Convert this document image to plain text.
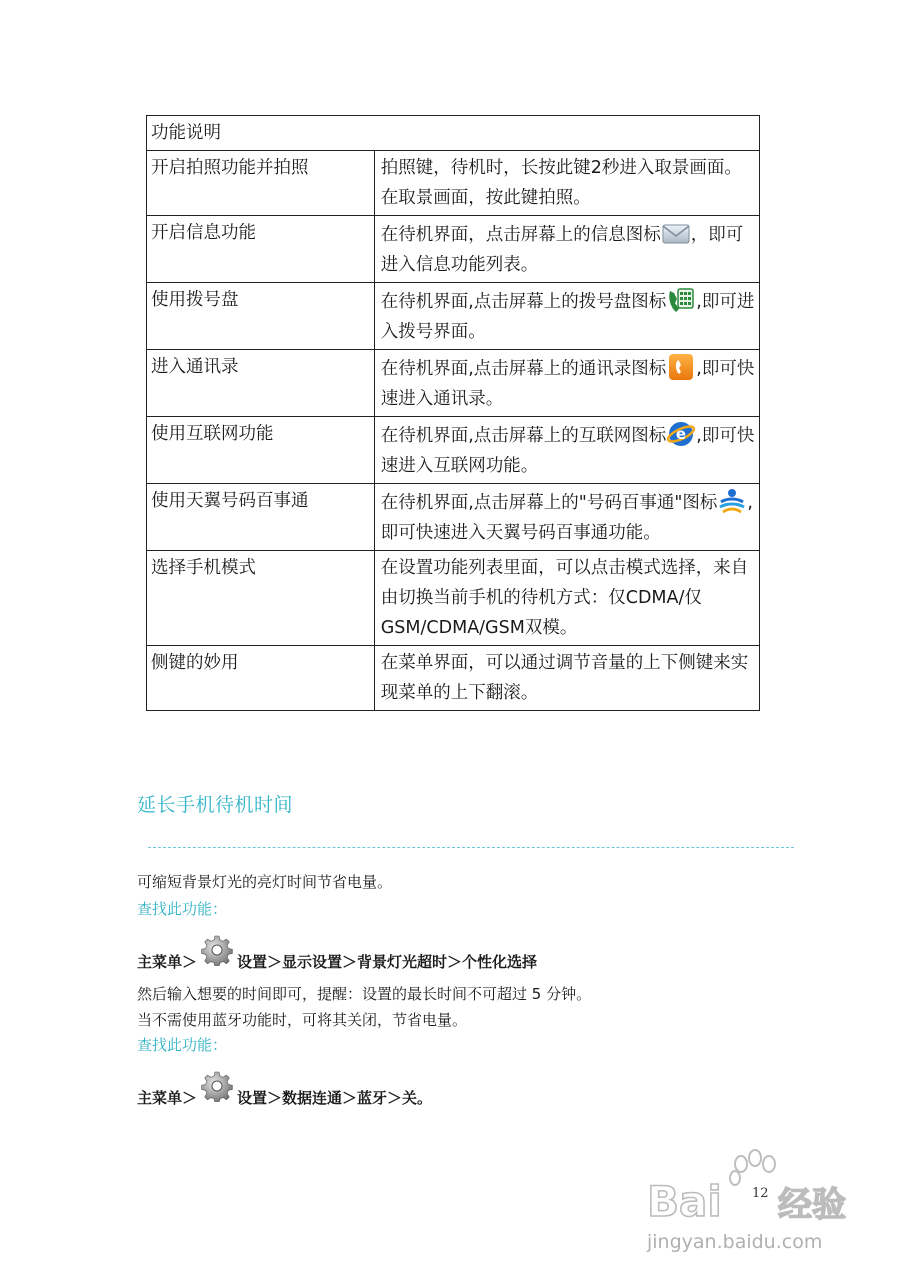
功能说明	
开启拍照功能并拍照	拍照键，待机时，长按此键2秒进入取景画面。在取景画面，按此键拍照。
开启信息功能	在待机界面，点击屏幕上的信息图标 ，即可进入信息功能列表。
使用拨号盘	在待机界面,点击屏幕上的拨号盘图标 ,即可进入拨号界面。
进入通讯录	在待机界面,点击屏幕上的通讯录图标 ,即可快速进入通讯录。
使用互联网功能	在待机界面,点击屏幕上的互联网图标 e ,即可快速进入互联网功能。
使用天翼号码百事通	在待机界面,点击屏幕上的"号码百事通"图标 ,即可快速进入天翼号码百事通功能。
选择手机模式	在设置功能列表里面，可以点击模式选择，来自由切换当前手机的待机方式：仅CDMA/仅GSM/CDMA/GSM双模。
侧键的妙用	在菜单界面，可以通过调节音量的上下侧键来实现菜单的上下翻滚。
延长手机待机时间
可缩短背景灯光的亮灯时间节省电量。
查找此功能：
主菜单＞	设置＞显示设置＞背景灯光超时＞个性化选择
然后输入想要的时间即可，提醒：设置的最长时间不可超过 5 分钟。
当不需使用蓝牙功能时，可将其关闭，节省电量。
查找此功能：
主菜单＞	设置＞数据连通＞蓝牙＞关。
12
Bai 经验
jingyan.baidu.com
